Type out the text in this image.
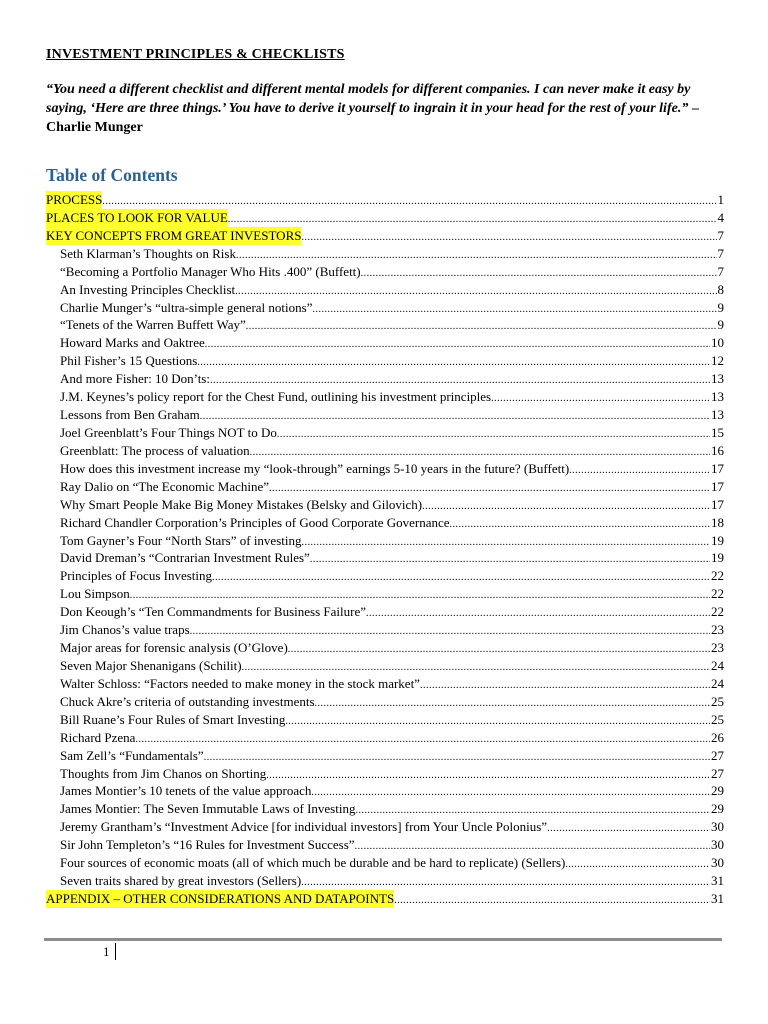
INVESTMENT PRINCIPLES & CHECKLISTS
“You need a different checklist and different mental models for different companies. I can never make it easy by saying, ‘Here are three things.’ You have to derive it yourself to ingrain it in your head for the rest of your life.” – Charlie Munger
Table of Contents
PROCESS .....	1
PLACES TO LOOK FOR VALUE .....	4
KEY CONCEPTS FROM GREAT INVESTORS .....	7
Seth Klarman’s Thoughts on Risk .....	7
“Becoming a Portfolio Manager Who Hits .400” (Buffett) .....	7
An Investing Principles Checklist .....	8
Charlie Munger’s “ultra-simple general notions” .....	9
“Tenets of the Warren Buffett Way” .....	9
Howard Marks and Oaktree .....	10
Phil Fisher’s 15 Questions .....	12
And more Fisher: 10 Don’ts: .....	13
J.M. Keynes’s policy report for the Chest Fund, outlining his investment principles .....	13
Lessons from Ben Graham .....	13
Joel Greenblatt’s Four Things NOT to Do .....	15
Greenblatt: The process of valuation .....	16
How does this investment increase my “look-through” earnings 5-10 years in the future? (Buffett) .....	17
Ray Dalio on “The Economic Machine” .....	17
Why Smart People Make Big Money Mistakes (Belsky and Gilovich) .....	17
Richard Chandler Corporation’s Principles of Good Corporate Governance .....	18
Tom Gayner’s Four “North Stars” of investing .....	19
David Dreman’s “Contrarian Investment Rules” .....	19
Principles of Focus Investing .....	22
Lou Simpson .....	22
Don Keough’s “Ten Commandments for Business Failure” .....	22
Jim Chanos’s value traps .....	23
Major areas for forensic analysis (O’Glove) .....	23
Seven Major Shenanigans (Schilit) .....	24
Walter Schloss: “Factors needed to make money in the stock market” .....	24
Chuck Akre’s criteria of outstanding investments .....	25
Bill Ruane’s Four Rules of Smart Investing .....	25
Richard Pzena .....	26
Sam Zell’s “Fundamentals” .....	27
Thoughts from Jim Chanos on Shorting .....	27
James Montier’s 10 tenets of the value approach .....	29
James Montier: The Seven Immutable Laws of Investing .....	29
Jeremy Grantham’s “Investment Advice [for individual investors] from Your Uncle Polonius” .....	30
Sir John Templeton’s “16 Rules for Investment Success” .....	30
Four sources of economic moats (all of which much be durable and be hard to replicate) (Sellers) .....	30
Seven traits shared by great investors (Sellers) .....	31
APPENDIX – OTHER CONSIDERATIONS AND DATAPOINTS .....	31
1
